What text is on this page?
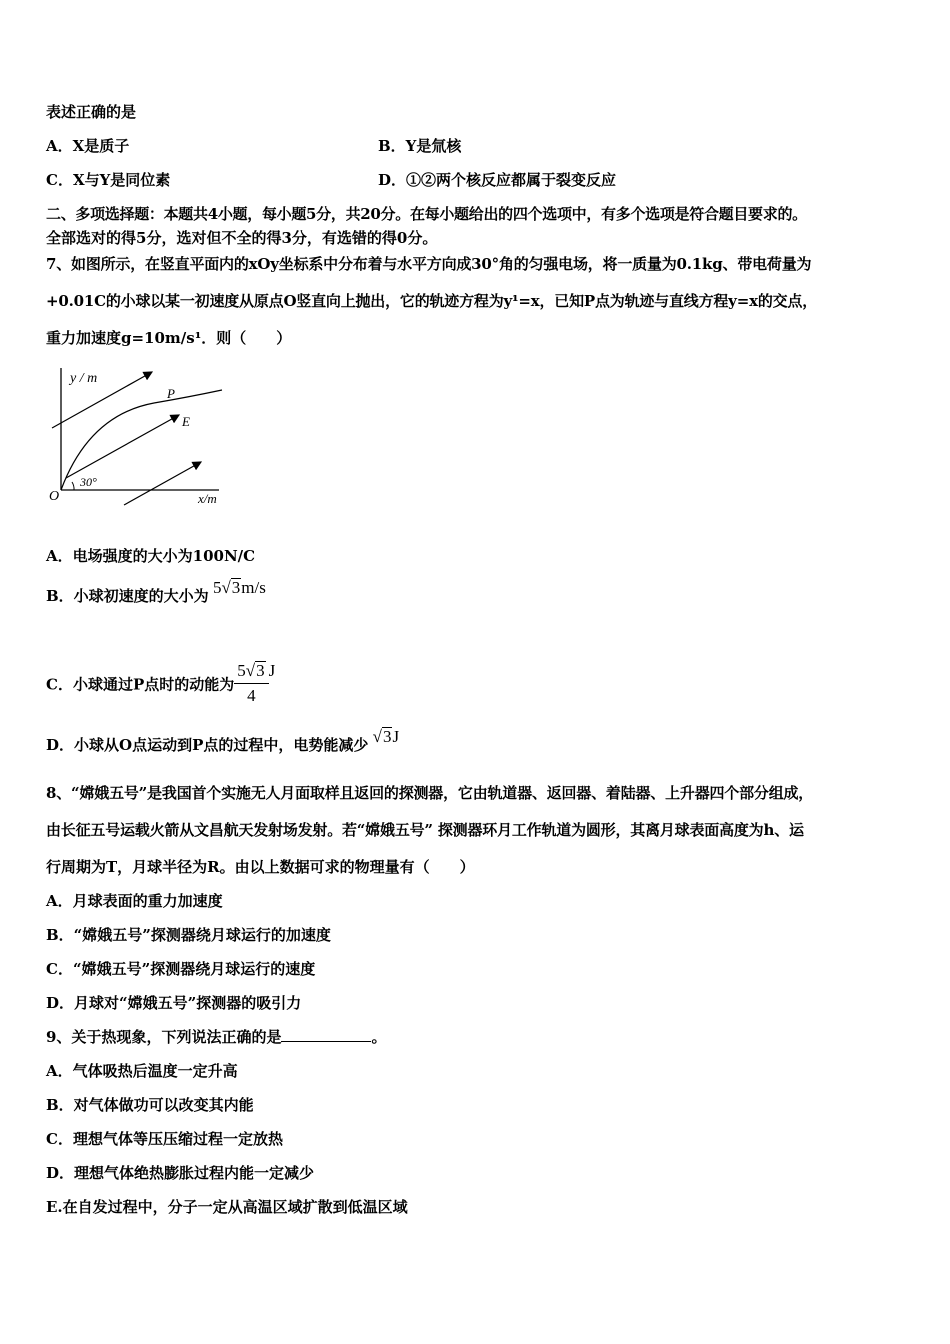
表述正确的是
A．X是质子	B．Y是氚核
C．X与Y是同位素	D．①②两个核反应都属于裂变反应
二、多项选择题：本题共4小题，每小题5分，共20分。在每小题给出的四个选项中，有多个选项是符合题目要求的。
全部选对的得5分，选对但不全的得3分，有选错的得0分。
7、如图所示，在竖直平面内的xOy坐标系中分布着与水平方向成30°角的匀强电场，将一质量为0.1kg、带电荷量为
+0.01C的小球以某一初速度从原点O竖直向上抛出，它的轨迹方程为y¹=x，已知P点为轨迹与直线方程y=x的交点，
重力加速度g=10m/s¹．则（　　）
y / m
x/m
O
P
E
30°
A．电场强度的大小为100N/C
B．小球初速度的大小为 5√3m/s
C．小球通过P点时的动能为 $\frac{5√3}{4}$ J
D．小球从O点运动到P点的过程中，电势能减少 √3J
8、“嫦娥五号”是我国首个实施无人月面取样且返回的探测器，它由轨道器、返回器、着陆器、上升器四个部分组成，
由长征五号运载火箭从文昌航天发射场发射。若“嫦娥五号” 探测器环月工作轨道为圆形，其离月球表面高度为h、运
行周期为T，月球半径为R。由以上数据可求的物理量有（　　）
A．月球表面的重力加速度
B．“嫦娥五号”探测器绕月球运行的加速度
C．“嫦娥五号”探测器绕月球运行的速度
D．月球对“嫦娥五号”探测器的吸引力
9、关于热现象，下列说法正确的是	。
A．气体吸热后温度一定升高
B．对气体做功可以改变其内能
C．理想气体等压压缩过程一定放热
D．理想气体绝热膨胀过程内能一定减少
E.在自发过程中，分子一定从高温区域扩散到低温区域
